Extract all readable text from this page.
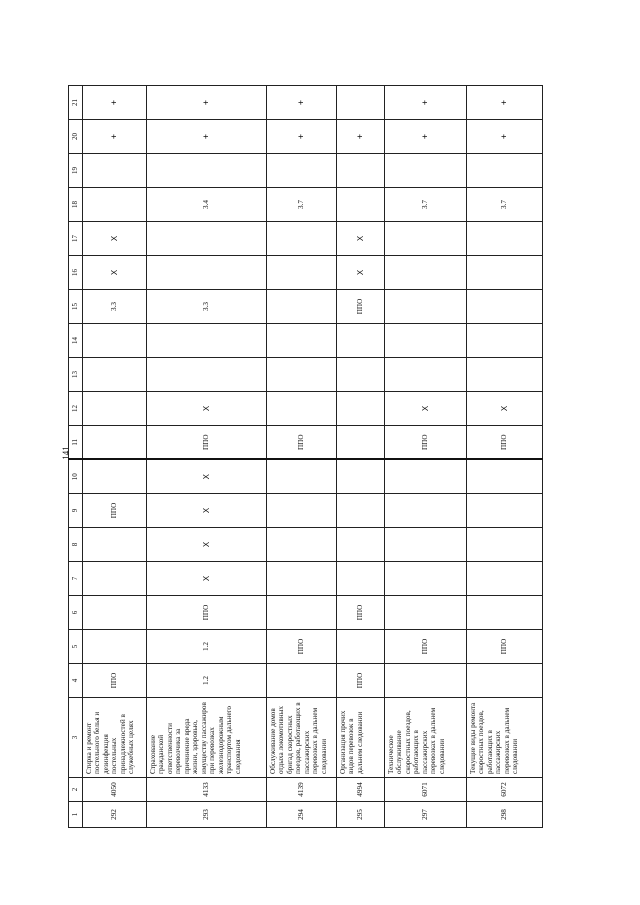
141
1	2	3	4	5	6	7	8	9	10	11	12	13	14	15	16	17	18	19	20	21
292	4050	Стирка и ремонт постельного белья и дезинфекция постельных принадлежностей в служебных целях	ППО					ППО						3.3	X	X			+	+
293	4133	Страхование гражданской ответственности перевозчика за причинение вреда жизни, здоровью, имуществу пассажиров при перевозках железнодорожным транспортом дальнего следования	1.2	1.2	ППО	X	X	X	X	ППО	X			3.3			3.4		+	+
294	4139	Обслуживание домов отдыха локомотивных бригад скоростных поездов, работающих в пассажирских перевозках в дальнем следовании		ППО						ППО							3.7		+	+
295	4994	Организация прочих видов перевозок в дальнем следовании	ППО		ППО									ППО	X	X			+	
297	6071	Техническое обслуживание скоростных поездов, работающих в пассажирских перевозках в дальнем следовании		ППО						ППО	X						3.7		+	+
298	6072	Текущие виды ремонта скоростных поездов, работающих в пассажирских перевозках в дальнем следовании		ППО						ППО	X						3.7		+	+
